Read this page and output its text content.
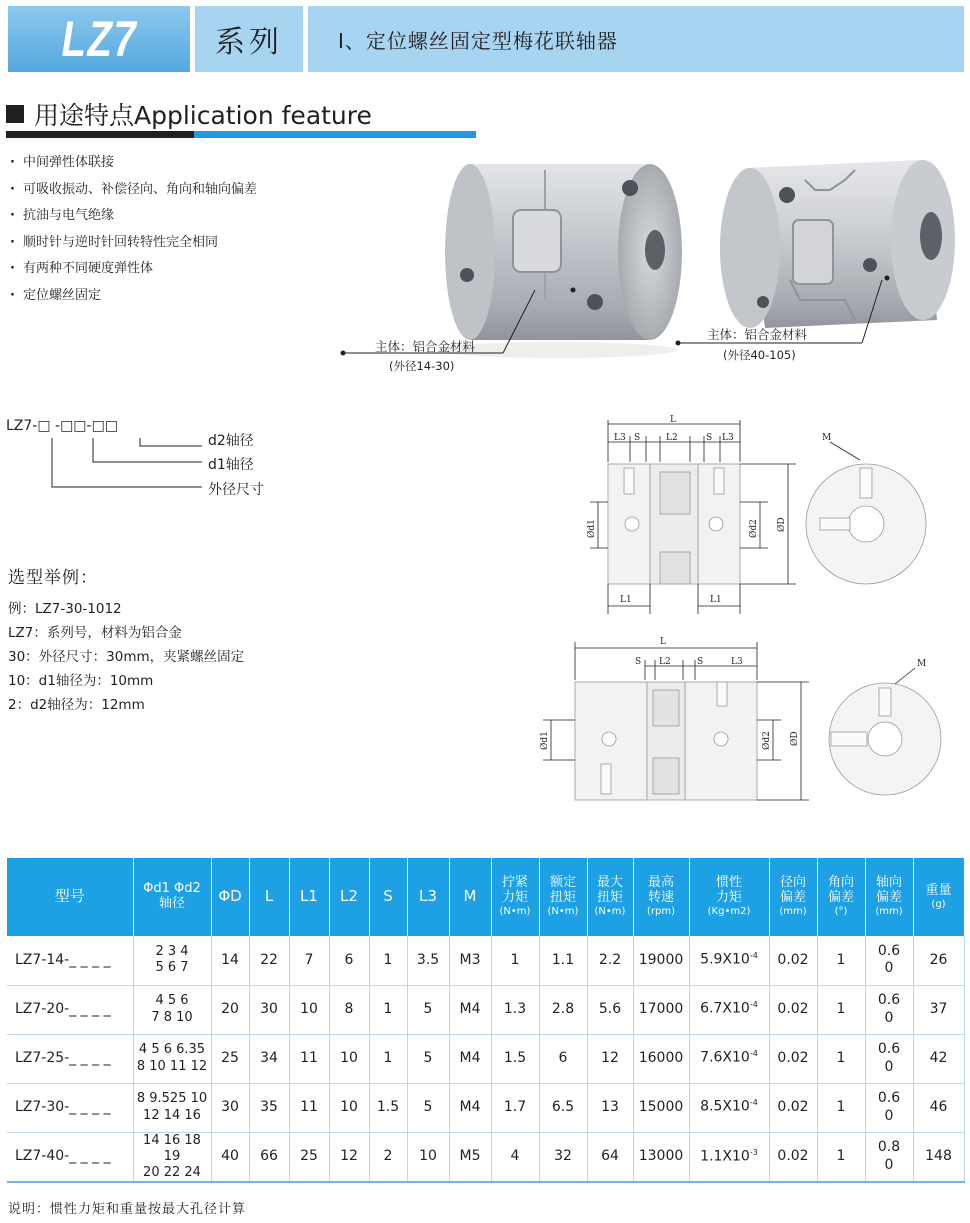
LZ7	系列	Ⅰ、定位螺丝固定型梅花联轴器
用途特点Application feature
· 中间弹性体联接
· 可吸收振动、补偿径向、角向和轴向偏差
· 抗油与电气绝缘
· 顺时针与逆时针回转特性完全相同
· 有两种不同硬度弹性体
· 定位螺丝固定
主体：铝合金材料
(外径14-30)
主体：铝合金材料
(外径40-105)
LZ7-□ -□□-□□
d2轴径
d1轴径
外径尺寸
选型举例：
例：LZ7-30-1012
LZ7：系列号，材料为铝合金
30：外径尺寸：30mm，夹紧螺丝固定
10：d1轴径为：10mm
2：d2轴径为：12mm
L
L3 S	L2	S L3	M
L1	L1
Ød1	Ød2 ØD
L
S L2	S	L3	M
Ød1	Ød2 ØD
型号	Φd1 Φd2
轴径	ΦD	L	L1	L2	S	L3	M	拧紧力矩
(N•m)	额定扭矩
(N•m)	最大扭矩
(N•m)	最高转速
(rpm)	惯性力矩
(Kg•m2)	径向偏差
(mm)	角向偏差
(°)	轴向偏差
(mm)	重量
(g)

LZ7-14-_ _ _ _	2 3 4
5 6 7	14	22	7	6	1	3.5	M3	1	1.1	2.2	19000	$5.9X10^{-4}$	0.02	1	0.6
0	26
LZ7-20-_ _ _ _	4 5 6
7 8 10	20	30	10	8	1	5	M4	1.3	2.8	5.6	17000	$6.7X10^{-4}$	0.02	1	0.6
0	37
LZ7-25-_ _ _ _	4 5 6 6.35
8 10 11 12	25	34	11	10	1	5	M4	1.5	6	12	16000	$7.6X10^{-4}$	0.02	1	0.6
0	42
LZ7-30-_ _ _ _	8 9.525 10
12 14 16	30	35	11	10	1.5	5	M4	1.7	6.5	13	15000	$8.5X10^{-4}$	0.02	1	0.6
0	46
LZ7-40-_ _ _ _	14 16 18 19
20 22 24	40	66	25	12	2	10	M5	4	32	64	13000	$1.1X10^{-3}$	0.02	1	0.8
0	148
说明：惯性力矩和重量按最大孔径计算
